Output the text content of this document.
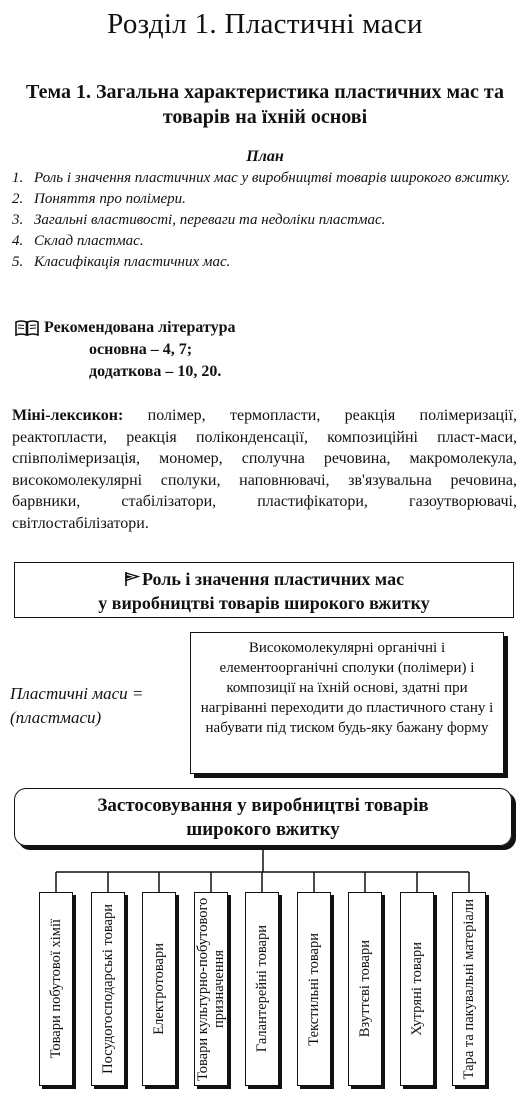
Розділ 1. Пластичні маси
Тема 1. Загальна характеристика пластичних мас та товарів на їхній основі
План
1. Роль і значення пластичних мас у виробництві товарів широкого вжитку.
2. Поняття про полімери.
3. Загальні властивості, переваги та недоліки пластмас.
4. Склад пластмас.
5. Класифікація пластичних мас.
Рекомендована література
основна – 4, 7;
додаткова – 10, 20.
Міні-лексикон: полімер, термопласти, реакція полімеризації, реактопласти, реакція поліконденсації, композиційні пласт-маси, співполімеризація, мономер, сполучна речовина, макромолекула, високомолекулярні сполуки, наповнювачі, зв'язувальна речовина, барвники, стабілізатори, пластифікатори, газоутворювачі, світлостабілізатори.
Роль і значення пластичних мас
у виробництві товарів широкого вжитку
Пластичні маси =
(пластмаси)
Високомолекулярні органічні і елементоорганічні сполуки (полімери) і композиції на їхній основі, здатні при нагріванні переходити до пластичного стану і набувати під тиском будь-яку бажану форму
Застосовування у виробництві товарів
широкого вжитку
Товари побутової хімії Посудогосподарські товари Електротовари Товари культурно-побутового призначення Галантерейні товари Текстильні товари Взуттєві товари Хутряні товари Тара та пакувальні матеріали
